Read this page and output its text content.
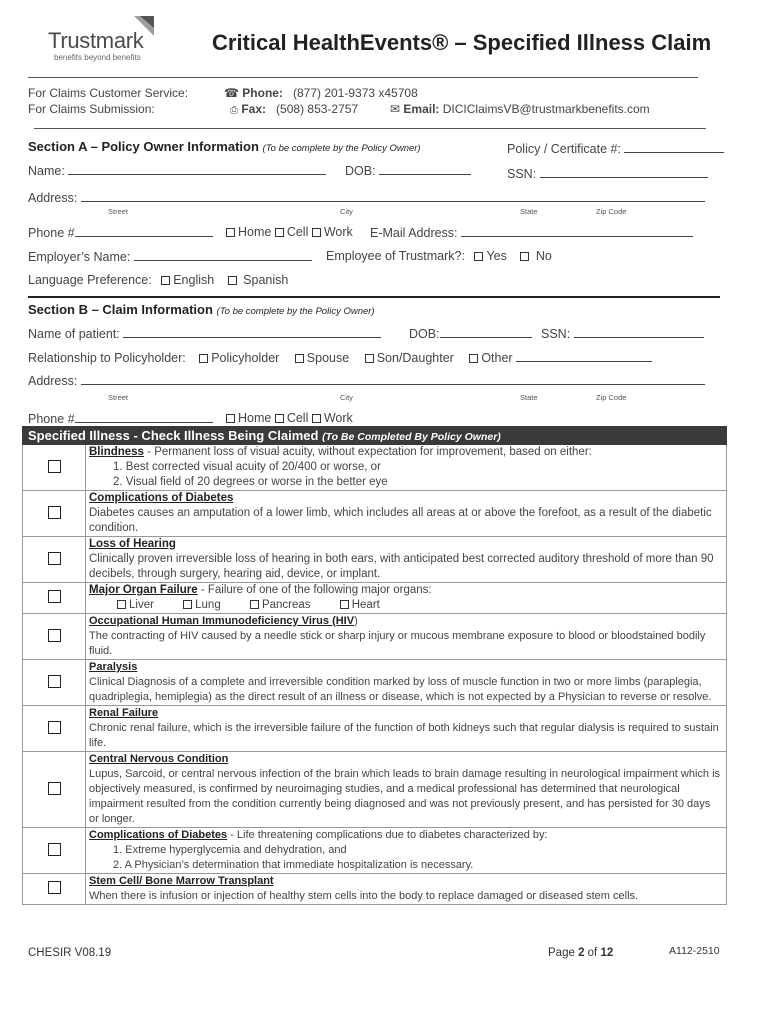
Trustmark
benefits beyond benefits
Critical HealthEvents® – Specified Illness Claim
For Claims Customer Service:
For Claims Submission:
☎ Phone: (877) 201-9373 x45708
⎙ Fax: (508) 853-2757	✉ Email: DICIClaimsVB@trustmarkbenefits.com
Section A – Policy Owner Information (To be complete by the Policy Owner)	Policy / Certificate #:
Name:	DOB:	SSN:
Address:
Street	City	State	Zip Code
Phone #	Home Cell Work E-Mail Address:
Employer’s Name:	Employee of Trustmark?: Yes No
Language Preference: English Spanish
Section B – Claim Information (To be complete by the Policy Owner)
Name of patient:	DOB:	SSN:
Relationship to Policyholder: Policyholder Spouse Son/Daughter Other
Address:
Street	City	State	Zip Code
Phone #	Home Cell Work
Specified Illness - Check Illness Being Claimed (To Be Completed By Policy Owner)	
	Blindness - Permanent loss of visual acuity, without expectation for improvement, based on either:
1. Best corrected visual acuity of 20/400 or worse, or
2. Visual field of 20 degrees or worse in the better eye
	Complications of Diabetes
Diabetes causes an amputation of a lower limb, which includes all areas at or above the forefoot, as a result of the diabetic condition.
	Loss of Hearing
Clinically proven irreversible loss of hearing in both ears, with anticipated best corrected auditory threshold of more than 90 decibels, through surgery, hearing aid, device, or implant.
	Major Organ Failure - Failure of one of the following major organs:
Liver Lung Pancreas Heart
	Occupational Human Immunodeficiency Virus (HIV)
The contracting of HIV caused by a needle stick or sharp injury or mucous membrane exposure to blood or bloodstained bodily fluid.
	Paralysis
Clinical Diagnosis of a complete and irreversible condition marked by loss of muscle function in two or more limbs (paraplegia, quadriplegia, hemiplegia) as the direct result of an illness or disease, which is not expected by a Physician to reverse or resolve.
	Renal Failure
Chronic renal failure, which is the irreversible failure of the function of both kidneys such that regular dialysis is required to sustain life.
	Central Nervous Condition
Lupus, Sarcoid, or central nervous infection of the brain which leads to brain damage resulting in neurological impairment which is objectively measured, is confirmed by neuroimaging studies, and a medical professional has determined that neurological impairment resulted from the condition currently being diagnosed and was not previously present, and has persisted for 30 days or longer.
	Complications of Diabetes - Life threatening complications due to diabetes characterized by:
1. Extreme hyperglycemia and dehydration, and
2. A Physician’s determination that immediate hospitalization is necessary.
	Stem Cell/ Bone Marrow Transplant
When there is infusion or injection of healthy stem cells into the body to replace damaged or diseased stem cells.
CHESIR V08.19	Page 2 of 12	A112-2510
